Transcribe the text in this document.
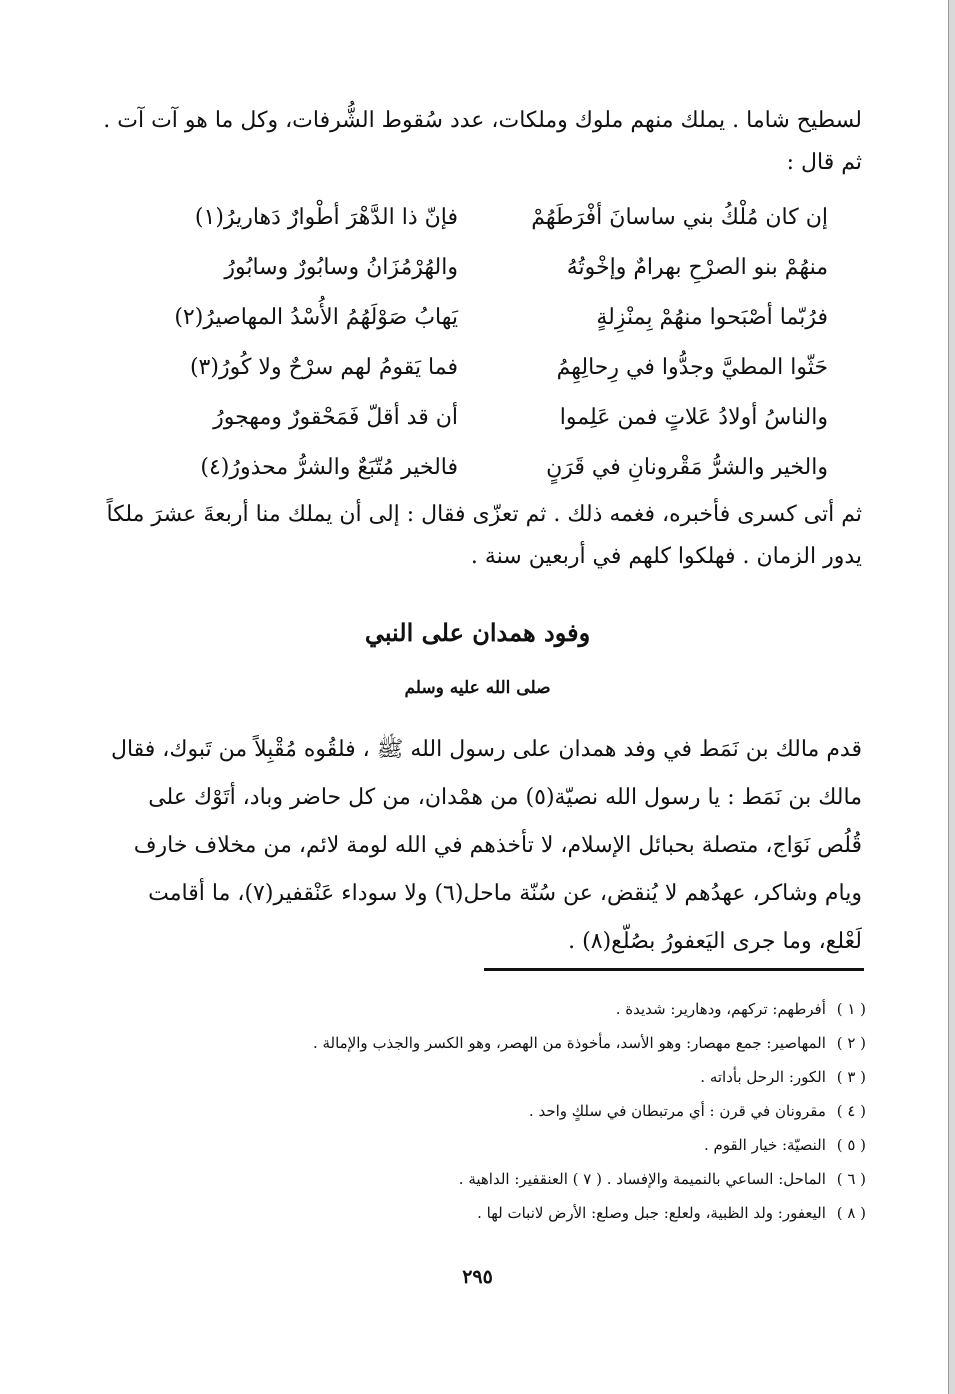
لسطيح شاما . يملك منهم ملوك وملكات، عدد سُقوط الشُّرفات، وكل ما هو آت آت . ثم قال :

إن كان مُلْكُ بني ساسانَ أفْرَطَهُمْ
فإنّ ذا الدَّهْرَ أطْوارٌ دَهاريرُ(١)
منهُمْ بنو الصرْحِ بهرامٌ وإخْوتُهُ
والهُرْمُزَانُ وسابُورٌ وسابُورُ
فرُبّما أصْبَحوا منهُمْ بِمنْزِلةٍ
يَهابُ صَوْلَهُمُ الأُسْدُ المهاصيرُ(٢)
حَثّوا المطيَّ وجدُّوا في رِحالِهِمُ
فما يَقومُ لهم سرْحٌ ولا كُورُ(٣)
والناسُ أولادُ عَلاتٍ فمن عَلِموا
أن قد أقلّ فَمَحْقورٌ ومهجورُ
والخير والشرُّ مَقْرونانِ في قَرَنٍ
فالخير مُتّبَعٌ والشرُّ محذورُ(٤)

ثم أتى كسرى فأخبره، فغمه ذلك . ثم تعزّى فقال : إلى أن يملك منا أربعةَ عشرَ ملكاً يدور الزمان . فهلكوا كلهم في أربعين سنة .

وفود همدان على النبي
صلى الله عليه وسلم

قدم مالك بن نَمَط في وفد همدان على رسول الله ﷺ ، فلقُوه مُقْبِلاً من تَبوك، فقال مالك بن نَمَط : يا رسول الله نصيّة(٥) من همْدان، من كل حاضر وباد، أتَوْك على قُلُص نَوَاج، متصلة بحبائل الإسلام، لا تأخذهم في الله لومة لائم، من مخلاف خارف ويام وشاكر، عهدُهم لا يُنقض، عن سُنّة ماحل(٦) ولا سوداء عَنْقفير(٧)، ما أقامت لَعْلع، وما جرى اليَعفورُ بصُلّع(٨) .

( ١ ) أفرطهم: تركهم، ودهارير: شديدة .
( ٢ ) المهاصير: جمع مهصار: وهو الأسد، مأخوذة من الهصر، وهو الكسر والجذب والإمالة .
( ٣ ) الكور: الرحل بأداته .
( ٤ ) مقرونان في قرن : أي مرتبطان في سلكٍ واحد .
( ٥ ) النصيّة: خيار القوم .
( ٦ ) الماحل: الساعي بالنميمة والإفساد . ( ٧ ) العنقفير: الداهية .
( ٨ ) اليعفور: ولد الظبية، ولعلع: جبل وصلع: الأرض لانبات لها .
٢٩٥
